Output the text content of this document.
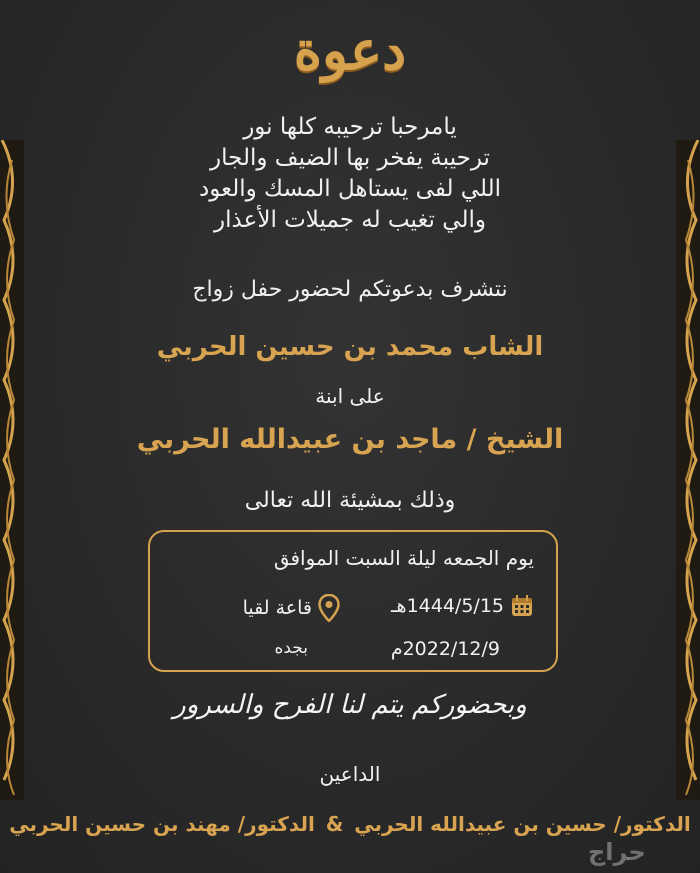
دعوة
يامرحبا ترحيبه كلها نور
ترحيبة يفخر بها الضيف والجار
اللي لفى يستاهل المسك والعود
والي تغيب له جميلات الأعذار
نتشرف بدعوتكم لحضور حفل زواج
الشاب محمد بن حسين الحربي
على ابنة
الشيخ / ماجد بن عبيدالله الحربي
وذلك بمشيئة الله تعالى
يوم الجمعه ليلة السبت الموافق
1444/5/15هـ
قاعة لقيا
2022/12/9م
بجده
وبحضوركم يتم لنا الفرح والسرور
الداعين
الدكتور/ حسين بن عبيدالله الحربي & الدكتور/ مهند بن حسين الحربي
حراج
